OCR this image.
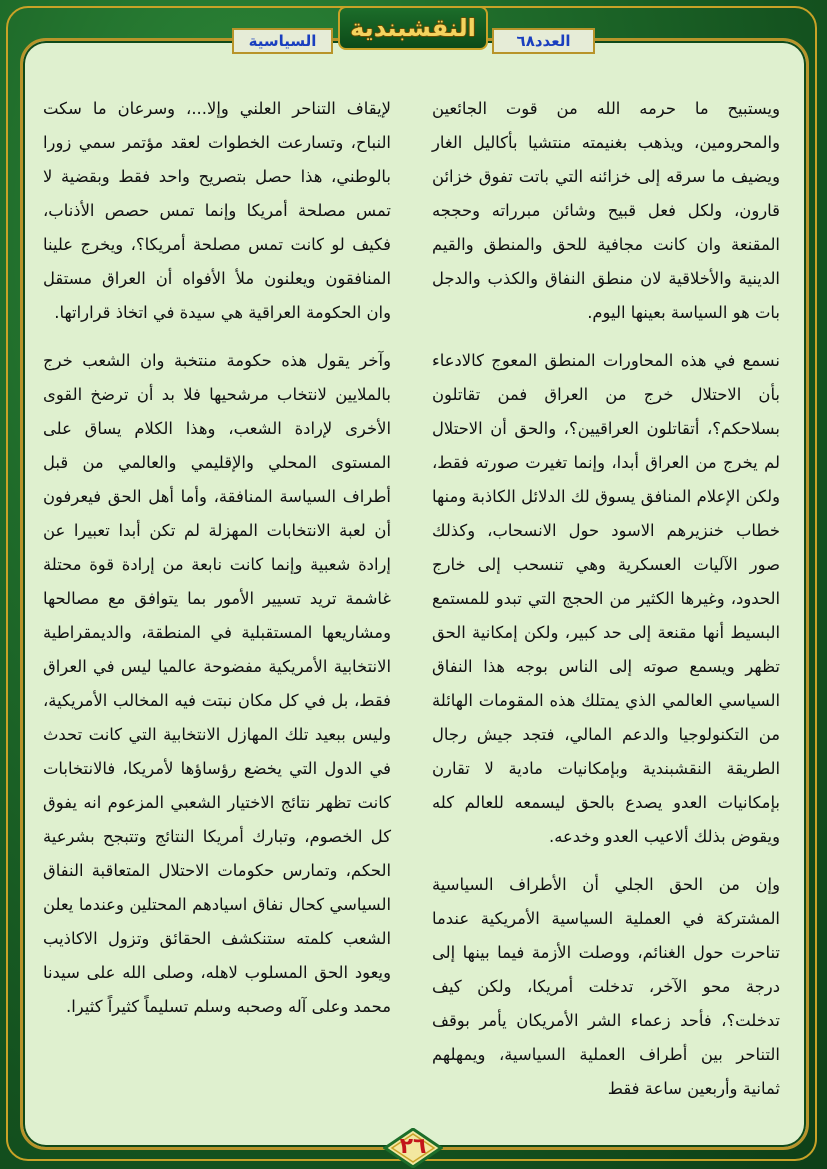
السياسية	النقشبندية	العدد٦٨

ويستبيح ما حرمه الله من قوت الجائعين والمحرومين، ويذهب بغنيمته منتشيا بأكاليل الغار ويضيف ما سرقه إلى خزائنه التي باتت تفوق خزائن قارون، ولكل فعل قبيح وشائن مبرراته وحججه المقنعة وان كانت مجافية للحق والمنطق والقيم الدينية والأخلاقية لان منطق النفاق والكذب والدجل بات هو السياسة بعينها اليوم.

نسمع في هذه المحاورات المنطق المعوج كالادعاء بأن الاحتلال خرج من العراق فمن تقاتلون بسلاحكم؟، أتقاتلون العراقيين؟، والحق أن الاحتلال لم يخرج من العراق أبدا، وإنما تغيرت صورته فقط، ولكن الإعلام المنافق يسوق لك الدلائل الكاذبة ومنها خطاب خنزيرهم الاسود حول الانسحاب، وكذلك صور الآليات العسكرية وهي تنسحب إلى خارج الحدود، وغيرها الكثير من الحجج التي تبدو للمستمع البسيط أنها مقنعة إلى حد كبير، ولكن إمكانية الحق تظهر ويسمع صوته إلى الناس بوجه هذا النفاق السياسي العالمي الذي يمتلك هذه المقومات الهائلة من التكنولوجيا والدعم المالي، فتجد جيش رجال الطريقة النقشبندية وبإمكانيات مادية لا تقارن بإمكانيات العدو يصدع بالحق ليسمعه للعالم كله ويقوض بذلك ألاعيب العدو وخدعه.

وإن من الحق الجلي أن الأطراف السياسية المشتركة في العملية السياسية الأمريكية عندما تناحرت حول الغنائم، ووصلت الأزمة فيما بينها إلى درجة محو الآخر، تدخلت أمريكا، ولكن كيف تدخلت؟، فأحد زعماء الشر الأمريكان يأمر بوقف التناحر بين أطراف العملية السياسية، ويمهلهم ثمانية وأربعين ساعة فقط

لإيقاف التناحر العلني وإلا...، وسرعان ما سكت النباح، وتسارعت الخطوات لعقد مؤتمر سمي زورا بالوطني، هذا حصل بتصريح واحد فقط وبقضية لا تمس مصلحة أمريكا وإنما تمس حصص الأذناب، فكيف لو كانت تمس مصلحة أمريكا؟، ويخرج علينا المنافقون ويعلنون ملأ الأفواه أن العراق مستقل وان الحكومة العراقية هي سيدة في اتخاذ قراراتها.

وآخر يقول هذه حكومة منتخبة وان الشعب خرج بالملايين لانتخاب مرشحيها فلا بد أن ترضخ القوى الأخرى لإرادة الشعب، وهذا الكلام يساق على المستوى المحلي والإقليمي والعالمي من قبل أطراف السياسة المنافقة، وأما أهل الحق فيعرفون أن لعبة الانتخابات المهزلة لم تكن أبدا تعبيرا عن إرادة شعبية وإنما كانت نابعة من إرادة قوة محتلة غاشمة تريد تسيير الأمور بما يتوافق مع مصالحها ومشاريعها المستقبلية في المنطقة، والديمقراطية الانتخابية الأمريكية مفضوحة عالميا ليس في العراق فقط، بل في كل مكان نبتت فيه المخالب الأمريكية، وليس ببعيد تلك المهازل الانتخابية التي كانت تحدث في الدول التي يخضع رؤساؤها لأمريكا، فالانتخابات كانت تظهر نتائج الاختيار الشعبي المزعوم انه يفوق كل الخصوم، وتبارك أمريكا النتائج وتتبجح بشرعية الحكم، وتمارس حكومات الاحتلال المتعاقبة النفاق السياسي كحال نفاق اسيادهم المحتلين وعندما يعلن الشعب كلمته ستنكشف الحقائق وتزول الاكاذيب ويعود الحق المسلوب لاهله، وصلى الله على سيدنا محمد وعلى آله وصحبه وسلم تسليماً كثيراً كثيرا.

٢٦
